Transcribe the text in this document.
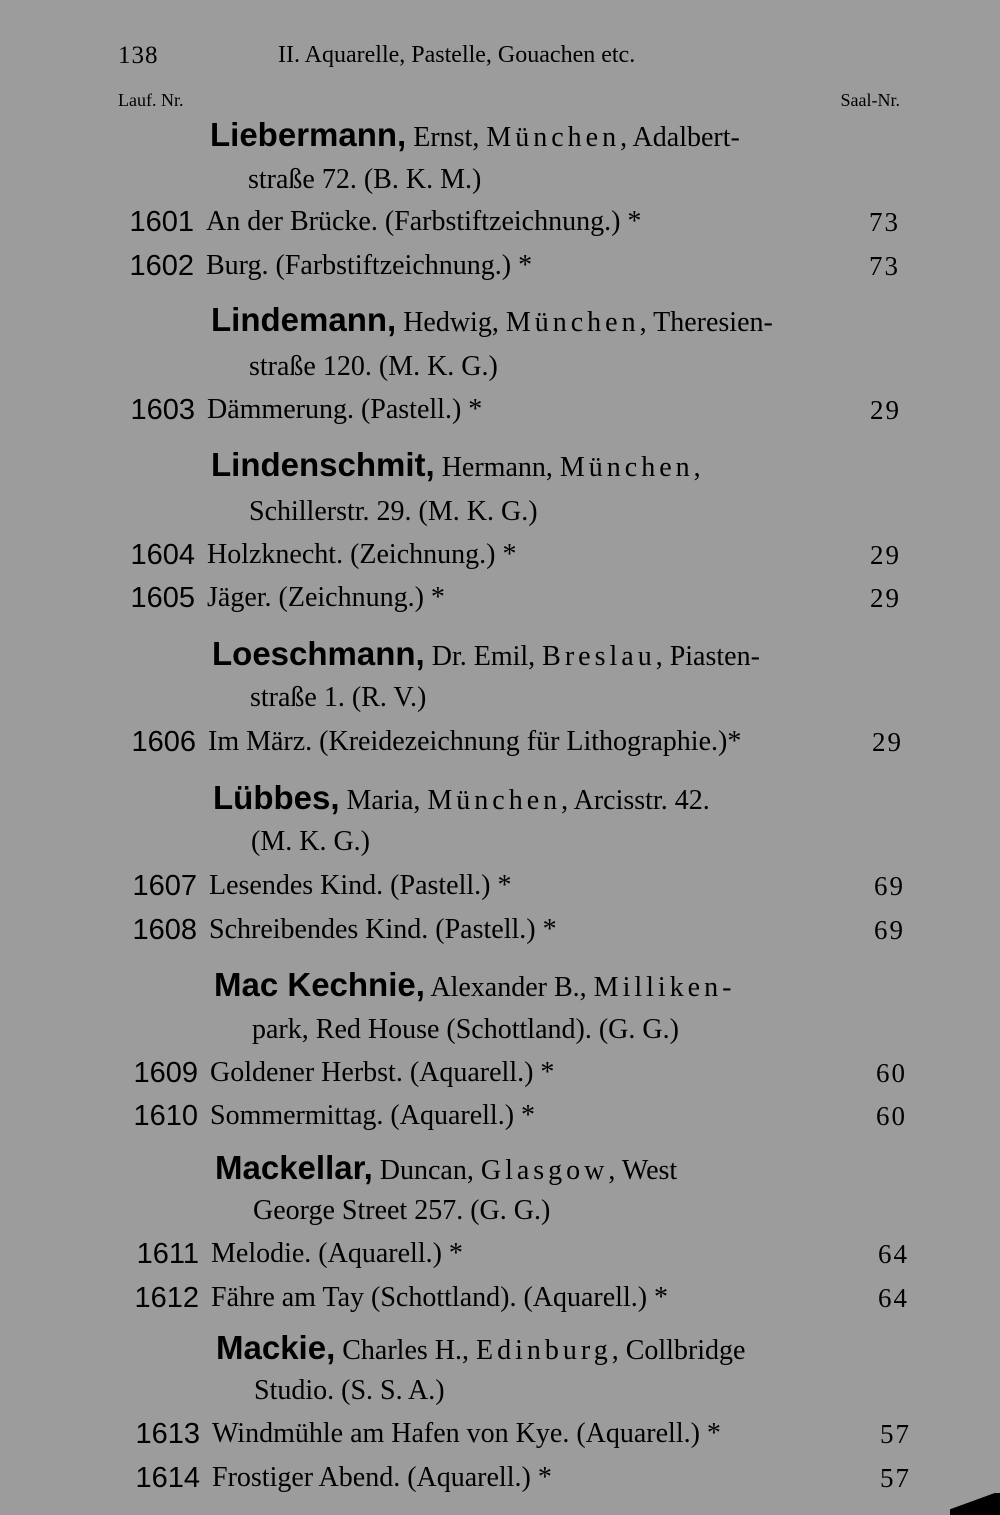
138	II. Aquarelle, Pastelle, Gouachen etc.
Lauf. Nr.	Saal-Nr.
Liebermann, Ernst, München, Adalbert-
straße 72. (B. K. M.)
1601 An der Brücke. (Farbstiftzeichnung.) *	73
1602 Burg. (Farbstiftzeichnung.) *	73
Lindemann, Hedwig, München, Theresien-
straße 120. (M. K. G.)
1603 Dämmerung. (Pastell.) *	29
Lindenschmit, Hermann, München,
Schillerstr. 29. (M. K. G.)
1604 Holzknecht. (Zeichnung.) *	29
1605 Jäger. (Zeichnung.) *	29
Loeschmann, Dr. Emil, Breslau, Piasten-
straße 1. (R. V.)
1606 Im März. (Kreidezeichnung für Lithographie.)*	29
Lübbes, Maria, München, Arcisstr. 42.
(M. K. G.)
1607 Lesendes Kind. (Pastell.) *	69
1608 Schreibendes Kind. (Pastell.) *	69
Mac Kechnie, Alexander B., Milliken-
park, Red House (Schottland). (G. G.)
1609 Goldener Herbst. (Aquarell.) *	60
1610 Sommermittag. (Aquarell.) *	60
Mackellar, Duncan, Glasgow, West
George Street 257. (G. G.)
1611 Melodie. (Aquarell.) *	64
1612 Fähre am Tay (Schottland). (Aquarell.) *	64
Mackie, Charles H., Edinburg, Collbridge
Studio. (S. S. A.)
1613 Windmühle am Hafen von Kye. (Aquarell.) *	57
1614 Frostiger Abend. (Aquarell.) *	57
